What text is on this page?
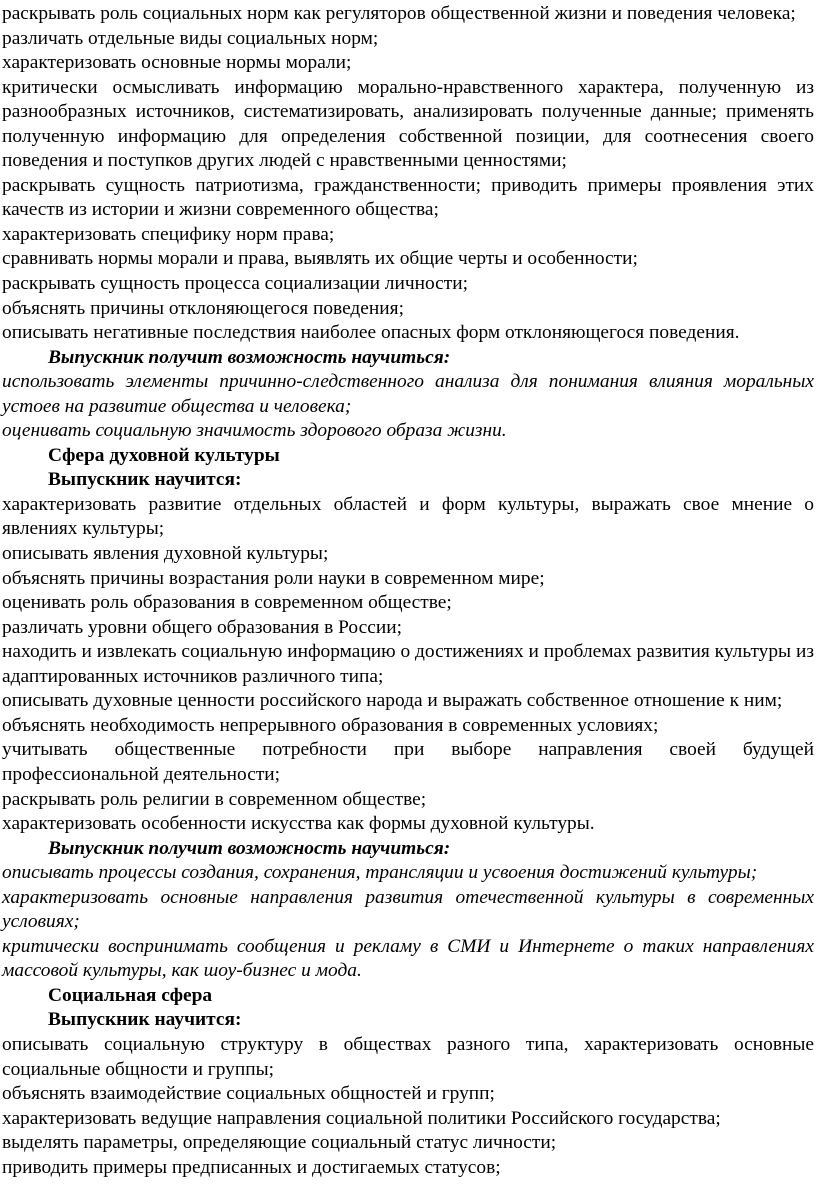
раскрывать роль социальных норм как регуляторов общественной жизни и поведения человека;

различать отдельные виды социальных норм;

характеризовать основные нормы морали;

критически осмысливать информацию морально-нравственного характера, полученную из разнообразных источников, систематизировать, анализировать полученные данные; применять полученную информацию для определения собственной позиции, для соотнесения своего поведения и поступков других людей с нравственными ценностями;

раскрывать сущность патриотизма, гражданственности; приводить примеры проявления этих качеств из истории и жизни современного общества;

характеризовать специфику норм права;

сравнивать нормы морали и права, выявлять их общие черты и особенности;

раскрывать сущность процесса социализации личности;

объяснять причины отклоняющегося поведения;

описывать негативные последствия наиболее опасных форм отклоняющегося поведения.

Выпускник получит возможность научиться:

использовать элементы причинно-следственного анализа для понимания влияния моральных устоев на развитие общества и человека;

оценивать социальную значимость здорового образа жизни.

Сфера духовной культуры

Выпускник научится:

характеризовать развитие отдельных областей и форм культуры, выражать свое мнение о явлениях культуры;

описывать явления духовной культуры;

объяснять причины возрастания роли науки в современном мире;

оценивать роль образования в современном обществе;

различать уровни общего образования в России;

находить и извлекать социальную информацию о достижениях и проблемах развития культуры из адаптированных источников различного типа;

описывать духовные ценности российского народа и выражать собственное отношение к ним;

объяснять необходимость непрерывного образования в современных условиях;

учитывать общественные потребности при выборе направления своей будущей профессиональной деятельности;

раскрывать роль религии в современном обществе;

характеризовать особенности искусства как формы духовной культуры.

Выпускник получит возможность научиться:

описывать процессы создания, сохранения, трансляции и усвоения достижений культуры;

характеризовать основные направления развития отечественной культуры в современных условиях;

критически воспринимать сообщения и рекламу в СМИ и Интернете о таких направлениях массовой культуры, как шоу-бизнес и мода.

Социальная сфера

Выпускник научится:

описывать социальную структуру в обществах разного типа, характеризовать основные социальные общности и группы;

объяснять взаимодействие социальных общностей и групп;

характеризовать ведущие направления социальной политики Российского государства;

выделять параметры, определяющие социальный статус личности;

приводить примеры предписанных и достигаемых статусов;
